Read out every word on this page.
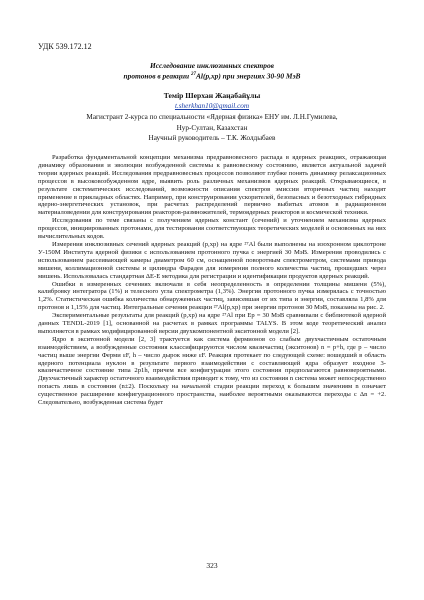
УДК 539.172.12
Исследование инклюзивных спектров
протонов в реакции $^{27}$Al(p,xp) при энергиях 30-90 МэВ
Темір Шерхан Жаңабайұлы
t.sherkhan10@gmail.com
Магистрант 2-курса по специальности «Ядерная физика» ЕНУ им. Л.Н.Гумилева,
Нур-Султан, Казахстан
Научный руководитель – Т.К. Жолдыбаев

Разработка фундаментальной концепции механизма предравновесного распада в ядерных реакциях, отражающая динамику образования и эволюции возбужденной системы к равновесному состоянию, является актуальной задачей теории ядерных реакций. Исследования предравновесных процессов позволяют глубже понять динамику релаксационных процессов в высоковозбужденном ядре, выявить роль различных механизмов ядерных реакций. Открывающиеся, в результате систематических исследований, возможности описания спектров эмиссии вторичных частиц находят применение в прикладных областях. Например, при конструировании ускорителей, безопасных и безотходных гибридных ядерно-энергетических установок, при расчетах распределений первично выбитых атомов в радиационном материаловедении для конструирования реакторов-размножителей, термоядерных реакторов и космической техники.

Исследования по теме связаны с получением ядерных констант (сечений) и уточнением механизма ядерных процессов, инициированных протонами, для тестирования соответствующих теоретических моделей и оснoвонных на них вычислительных кодов.

Измерения инклюзивных сечений ядерных реакций (p,xp) на ядре ²⁷Al были выполнены на изохронном циклотроне У-150М Института ядерной физики с использованием протонного пучка с энергией 30 МэВ. Измерения проводились с использованием рассеивающей камеры диаметром 60 см, оснащенной поворотным спектрометром, системами привода мишени, коллимационной системы и цилиндра Фарадея для измерения полного количества частиц, прошедших через мишень. Использовалась стандартная ΔE-E методика для регистрации и идентификации продуктов ядерных реакций.

Ошибки в измеренных сечениях включали в себя неопределенность в определении толщины мишени (5%), калибровку интегратора (1%) и телесного угла спектрометра (1,3%). Энергия протонного пучка измерялась с точностью 1,2%. Статистическая ошибка количества обнаруженных частиц, зависевшая от их типа и энергии, составляла 1,8% для протонов и 1,15% для частиц. Интегральные сечения реакции ²⁷Al(p,xp) при энергии протонов 30 МэВ, показаны на рис. 2.

Экспериментальные результаты для реакций (p,xp) на ядре ²⁷Al при Ep = 30 МэВ сравнивали с библиотекой ядерной данных TENDL-2019 [1], основанной на расчетах в рамках программы TALYS. В этом коде теоретический анализ выполняется в рамках модифицированной версии двухкомпонентной экситонной модели [2].

Ядро в экситонной модели [2, 3] трактуется как система фермионов со слабым двухчастичным остаточным взаимодействием, а возбужденные состояния классифицируются числом квазичастиц (экситонов) n = p+h, где p – число частиц выше энергии Ферми εF, h – число дырок ниже εF. Реакция протекает по следующей схеме: вошедший в область ядерного потенциала нуклон в результате первого взаимодействия с составляющей ядра образует входное 3-квазичастичное состояние типа 2p1h, причем все конфигурации этого состояния предполагаются равновероятными. Двухчастичный характер остаточного взаимодействия приводит к тому, что из состояния n система может непосредственно попасть лишь в состояния (n±2). Поскольку на начальной стадии реакции переход к большим значениям n означает существенное расширение конфигурационного пространства, наиболее вероятными оказываются переходы с Δn = +2. Следовательно, возбужденная система будет

323
